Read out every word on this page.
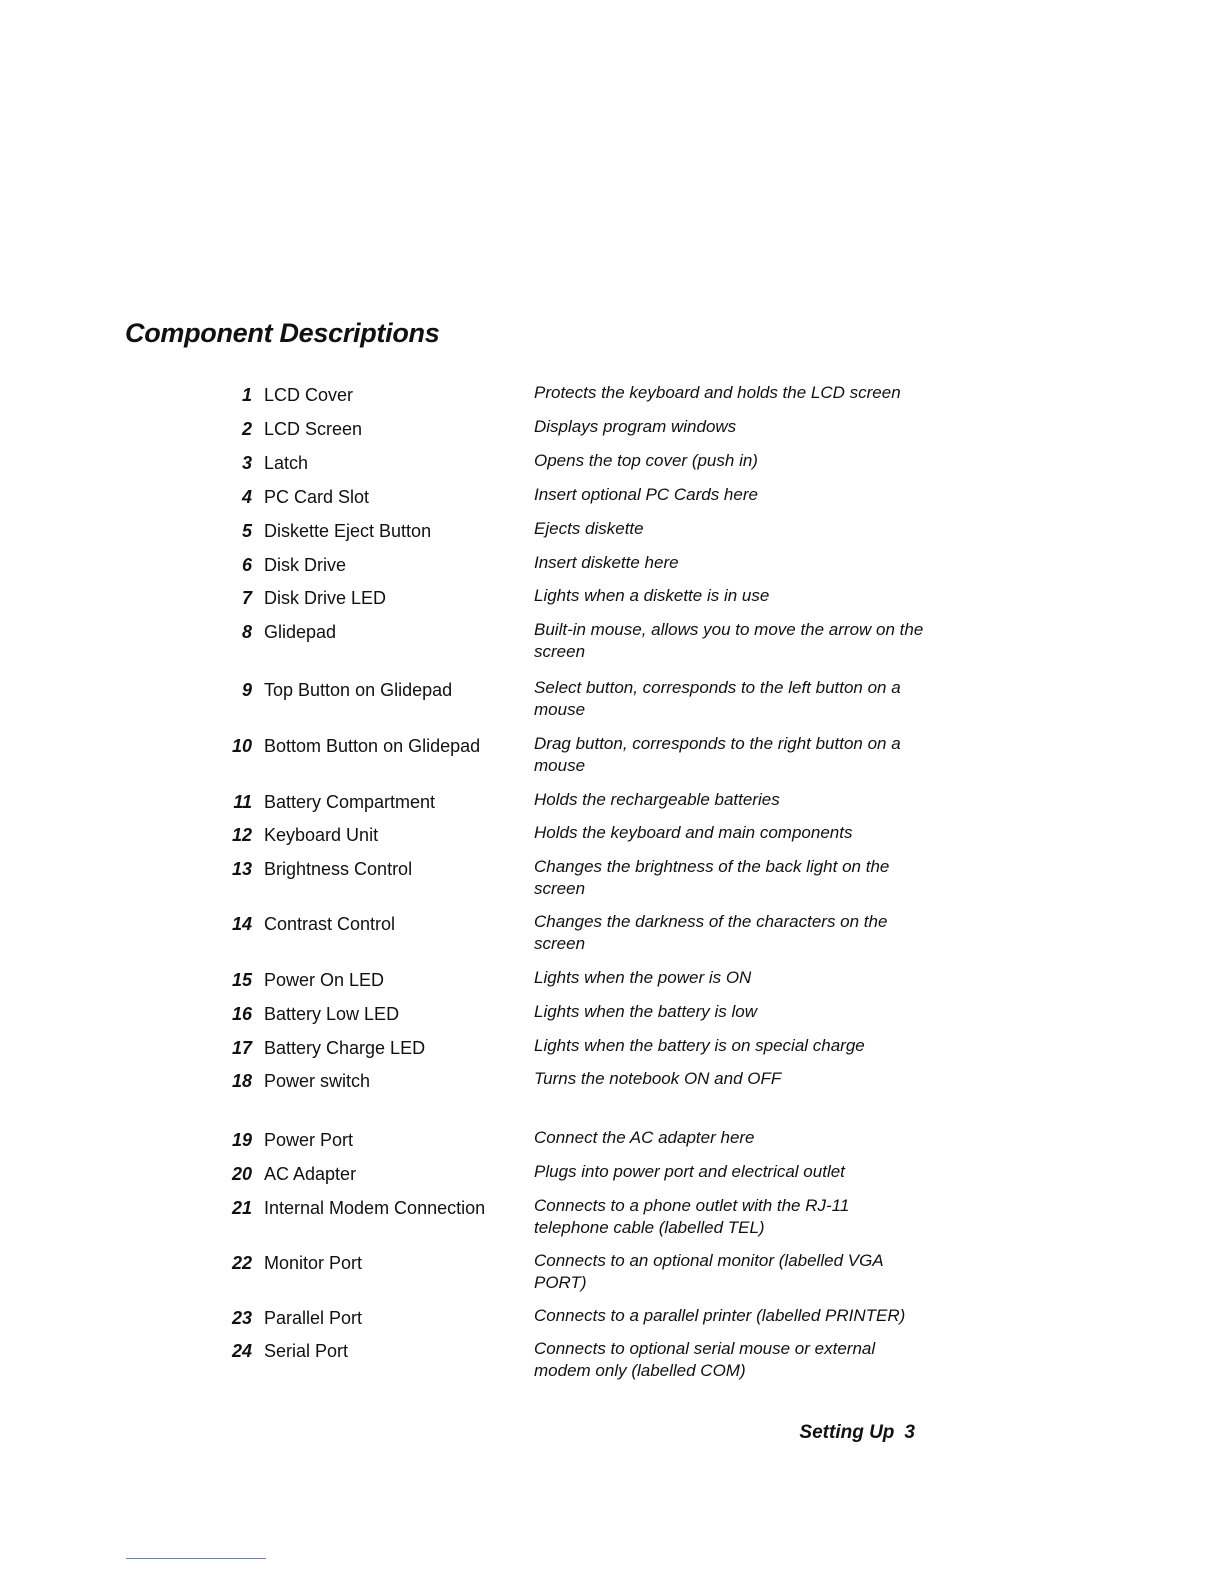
Component Descriptions
1 LCD Cover	Protects the keyboard and holds the LCD screen
2 LCD Screen	Displays program windows
3 Latch	Opens the top cover (push in)
4 PC Card Slot	Insert optional PC Cards here
5 Diskette Eject Button	Ejects diskette
6 Disk Drive	Insert diskette here
7 Disk Drive LED	Lights when a diskette is in use
8 Glidepad	Built-in mouse, allows you to move the arrow on the screen
9 Top Button on Glidepad	Select button, corresponds to the left button on a mouse
10 Bottom Button on Glidepad	Drag button, corresponds to the right button on a mouse
11 Battery Compartment	Holds the rechargeable batteries
12 Keyboard Unit	Holds the keyboard and main components
13 Brightness Control	Changes the brightness of the back light on the screen
14 Contrast Control	Changes the darkness of the characters on the screen
15 Power On LED	Lights when the power is ON
16 Battery Low LED	Lights when the battery is low
17 Battery Charge LED	Lights when the battery is on special charge
18 Power switch	Turns the notebook ON and OFF
19 Power Port	Connect the AC adapter here
20 AC Adapter	Plugs into power port and electrical outlet
21 Internal Modem Connection	Connects to a phone outlet with the RJ-11 telephone cable (labelled TEL)
22 Monitor Port	Connects to an optional monitor (labelled VGA PORT)
23 Parallel Port	Connects to a parallel printer (labelled PRINTER)
24 Serial Port	Connects to optional serial mouse or external modem only (labelled COM)
Setting Up 3
